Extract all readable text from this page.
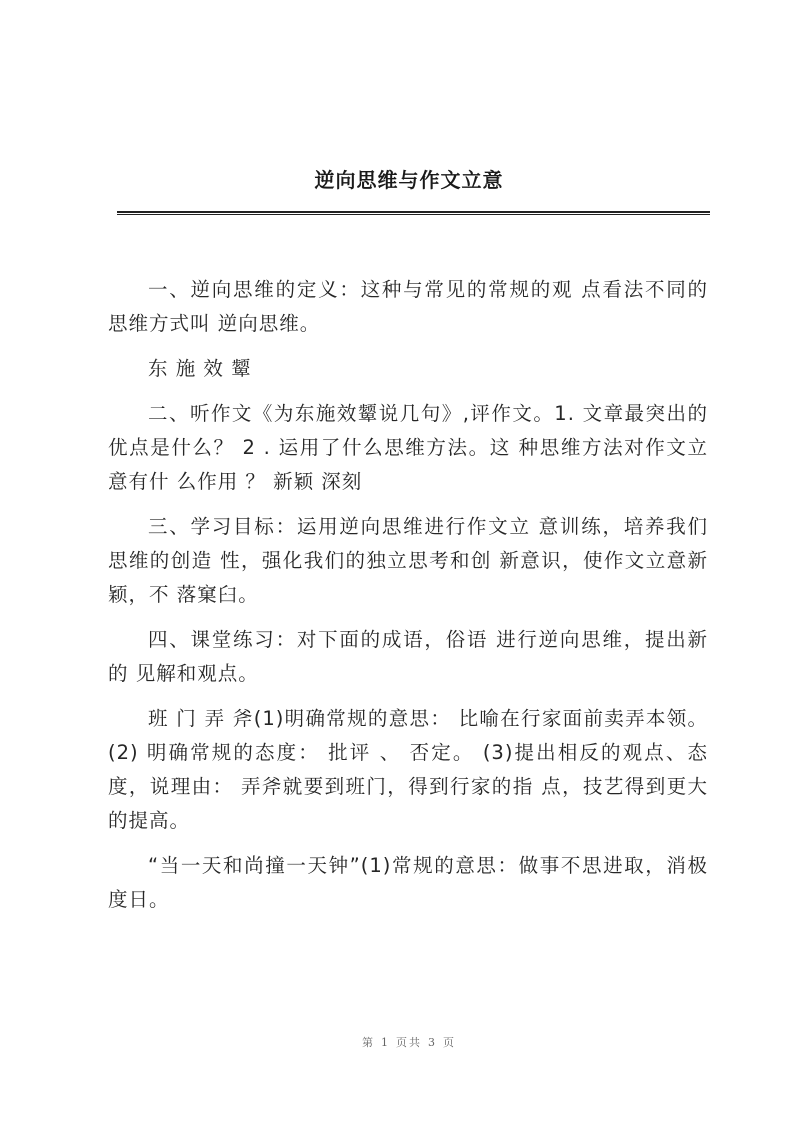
逆向思维与作文立意

一、逆向思维的定义：这种与常见的常规的观 点看法不同的思维方式叫 逆向思维。

东 施 效 颦

二、听作文《为东施效颦说几句》,评作文。1. 文章最突出的优点是什么？ 2 . 运用了什么思维方法。这 种思维方法对作文立意有什 么作用 ？ 新颖 深刻

三、学习目标：运用逆向思维进行作文立 意训练，培养我们思维的创造 性，强化我们的独立思考和创 新意识，使作文立意新颖，不 落窠臼。

四、课堂练习：对下面的成语，俗语 进行逆向思维，提出新的 见解和观点。

班 门 弄 斧(1)明确常规的意思： 比喻在行家面前卖弄本领。 (2) 明确常规的态度： 批评 、 否定。 (3)提出相反的观点、态度，说理由： 弄斧就要到班门，得到行家的指 点，技艺得到更大的提高。

“当一天和尚撞一天钟”(1)常规的意思：做事不思进取，消极度日。

第 1 页共 3 页
